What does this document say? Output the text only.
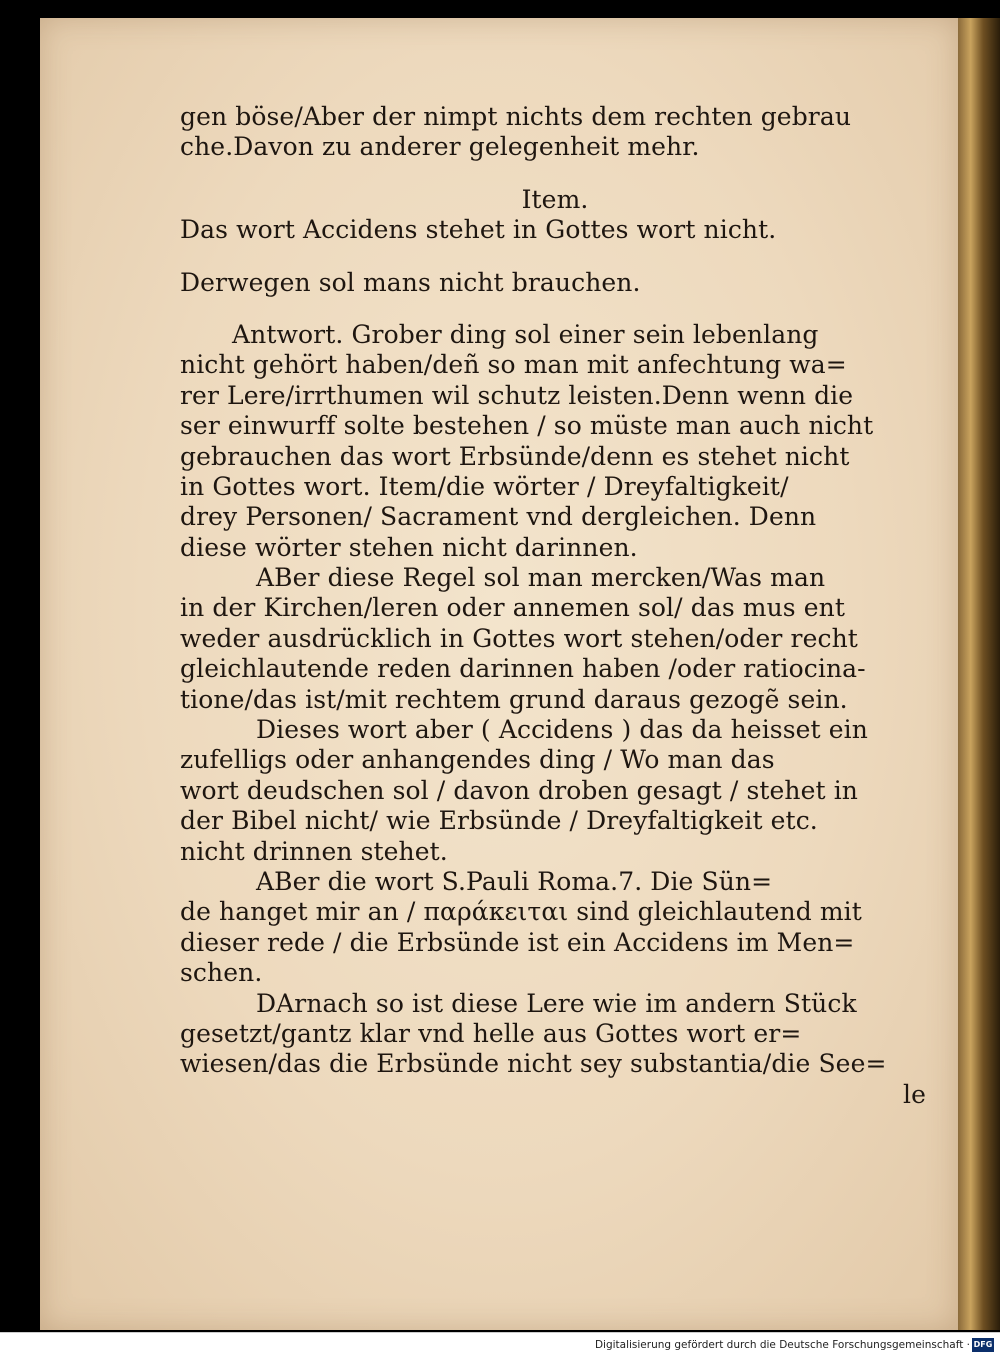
gen böse/Aber der nimpt nichts dem rechten gebrau
che.Davon zu anderer gelegenheit mehr.
Item.
Das wort Accidens stehet in Gottes wort nicht.
Derwegen sol mans nicht brauchen.
Antwort. Grober ding sol einer sein lebenlang
nicht gehört haben/deñ so man mit anfechtung wa=
rer Lere/irrthumen wil schutz leisten.Denn wenn die
ser einwurff solte bestehen / so müste man auch nicht
gebrauchen das wort Erbsünde/denn es stehet nicht
in Gottes wort. Item/die wörter / Dreyfaltigkeit/
drey Personen/ Sacrament vnd dergleichen. Denn
diese wörter stehen nicht darinnen.
ABer diese Regel sol man mercken/Was man
in der Kirchen/leren oder annemen sol/ das mus ent
weder ausdrücklich in Gottes wort stehen/oder recht
gleichlautende reden darinnen haben /oder ratiocina-
tione/das ist/mit rechtem grund daraus gezogẽ sein.
Dieses wort aber ( Accidens ) das da heisset ein
zufelligs oder anhangendes ding / Wo man das
wort deudschen sol / davon droben gesagt / stehet in
der Bibel nicht/ wie Erbsünde / Dreyfaltigkeit etc.
nicht drinnen stehet.
ABer die wort S.Pauli Roma.7. Die Sün=
de hanget mir an / παράκειται sind gleichlautend mit
dieser rede / die Erbsünde ist ein Accidens im Men=
schen.
DArnach so ist diese Lere wie im andern Stück
gesetzt/gantz klar vnd helle aus Gottes wort er=
wiesen/das die Erbsünde nicht sey substantia/die See=
le
Digitalisierung gefördert durch die Deutsche Forschungsgemeinschaft · DFG
